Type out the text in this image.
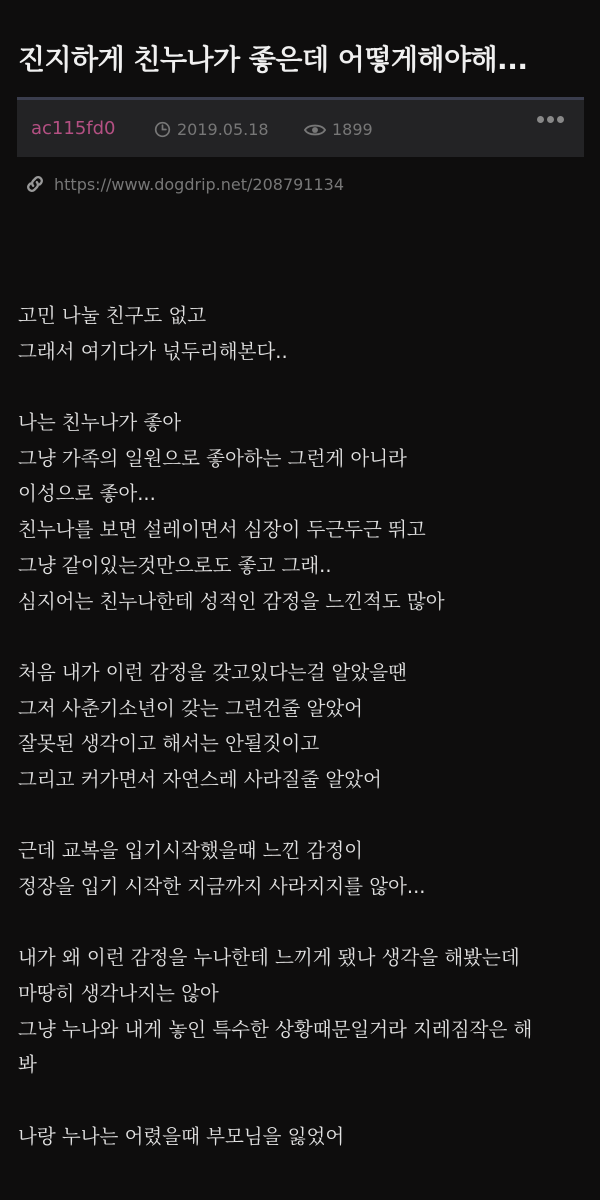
진지하게 친누나가 좋은데 어떻게해야해...
ac115fd0	2019.05.18	1899
https://www.dogdrip.net/208791134
고민 나눌 친구도 없고
그래서 여기다가 넋두리해본다..
나는 친누나가 좋아
그냥 가족의 일원으로 좋아하는 그런게 아니라
이성으로 좋아...
친누나를 보면 설레이면서 심장이 두근두근 뛰고
그냥 같이있는것만으로도 좋고 그래..
심지어는 친누나한테 성적인 감정을 느낀적도 많아
처음 내가 이런 감정을 갖고있다는걸 알았을땐
그저 사춘기소년이 갖는 그런건줄 알았어
잘못된 생각이고 해서는 안될짓이고
그리고 커가면서 자연스레 사라질줄 알았어
근데 교복을 입기시작했을때 느낀 감정이
정장을 입기 시작한 지금까지 사라지지를 않아...
내가 왜 이런 감정을 누나한테 느끼게 됐나 생각을 해봤는데
마땅히 생각나지는 않아
그냥 누나와 내게 놓인 특수한 상황때문일거라 지레짐작은 해
봐
나랑 누나는 어렸을때 부모님을 잃었어
